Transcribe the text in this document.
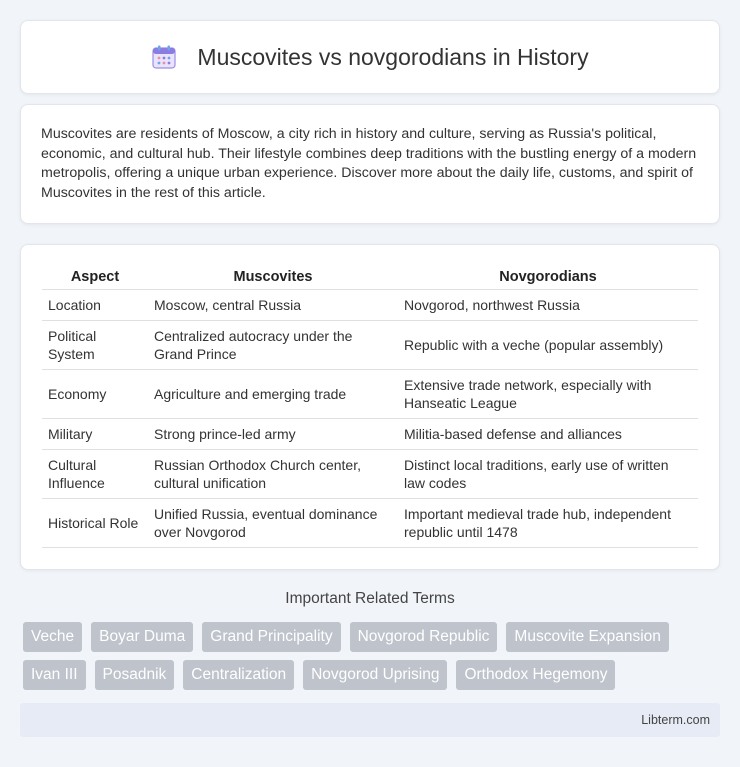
Muscovites vs novgorodians in History

Muscovites are residents of Moscow, a city rich in history and culture, serving as Russia's political, economic, and cultural hub. Their lifestyle combines deep traditions with the bustling energy of a modern metropolis, offering a unique urban experience. Discover more about the daily life, customs, and spirit of Muscovites in the rest of this article.

Aspect	Muscovites	Novgorodians
Location	Moscow, central Russia	Novgorod, northwest Russia
Political System	Centralized autocracy under the Grand Prince	Republic with a veche (popular assembly)
Economy	Agriculture and emerging trade	Extensive trade network, especially with Hanseatic League
Military	Strong prince-led army	Militia-based defense and alliances
Cultural Influence	Russian Orthodox Church center, cultural unification	Distinct local traditions, early use of written law codes
Historical Role	Unified Russia, eventual dominance over Novgorod	Important medieval trade hub, independent republic until 1478
Important Related Terms
Veche	Boyar Duma	Grand Principality	Novgorod Republic	Muscovite Expansion
Ivan III	Posadnik	Centralization	Novgorod Uprising	Orthodox Hegemony
Libterm.com
